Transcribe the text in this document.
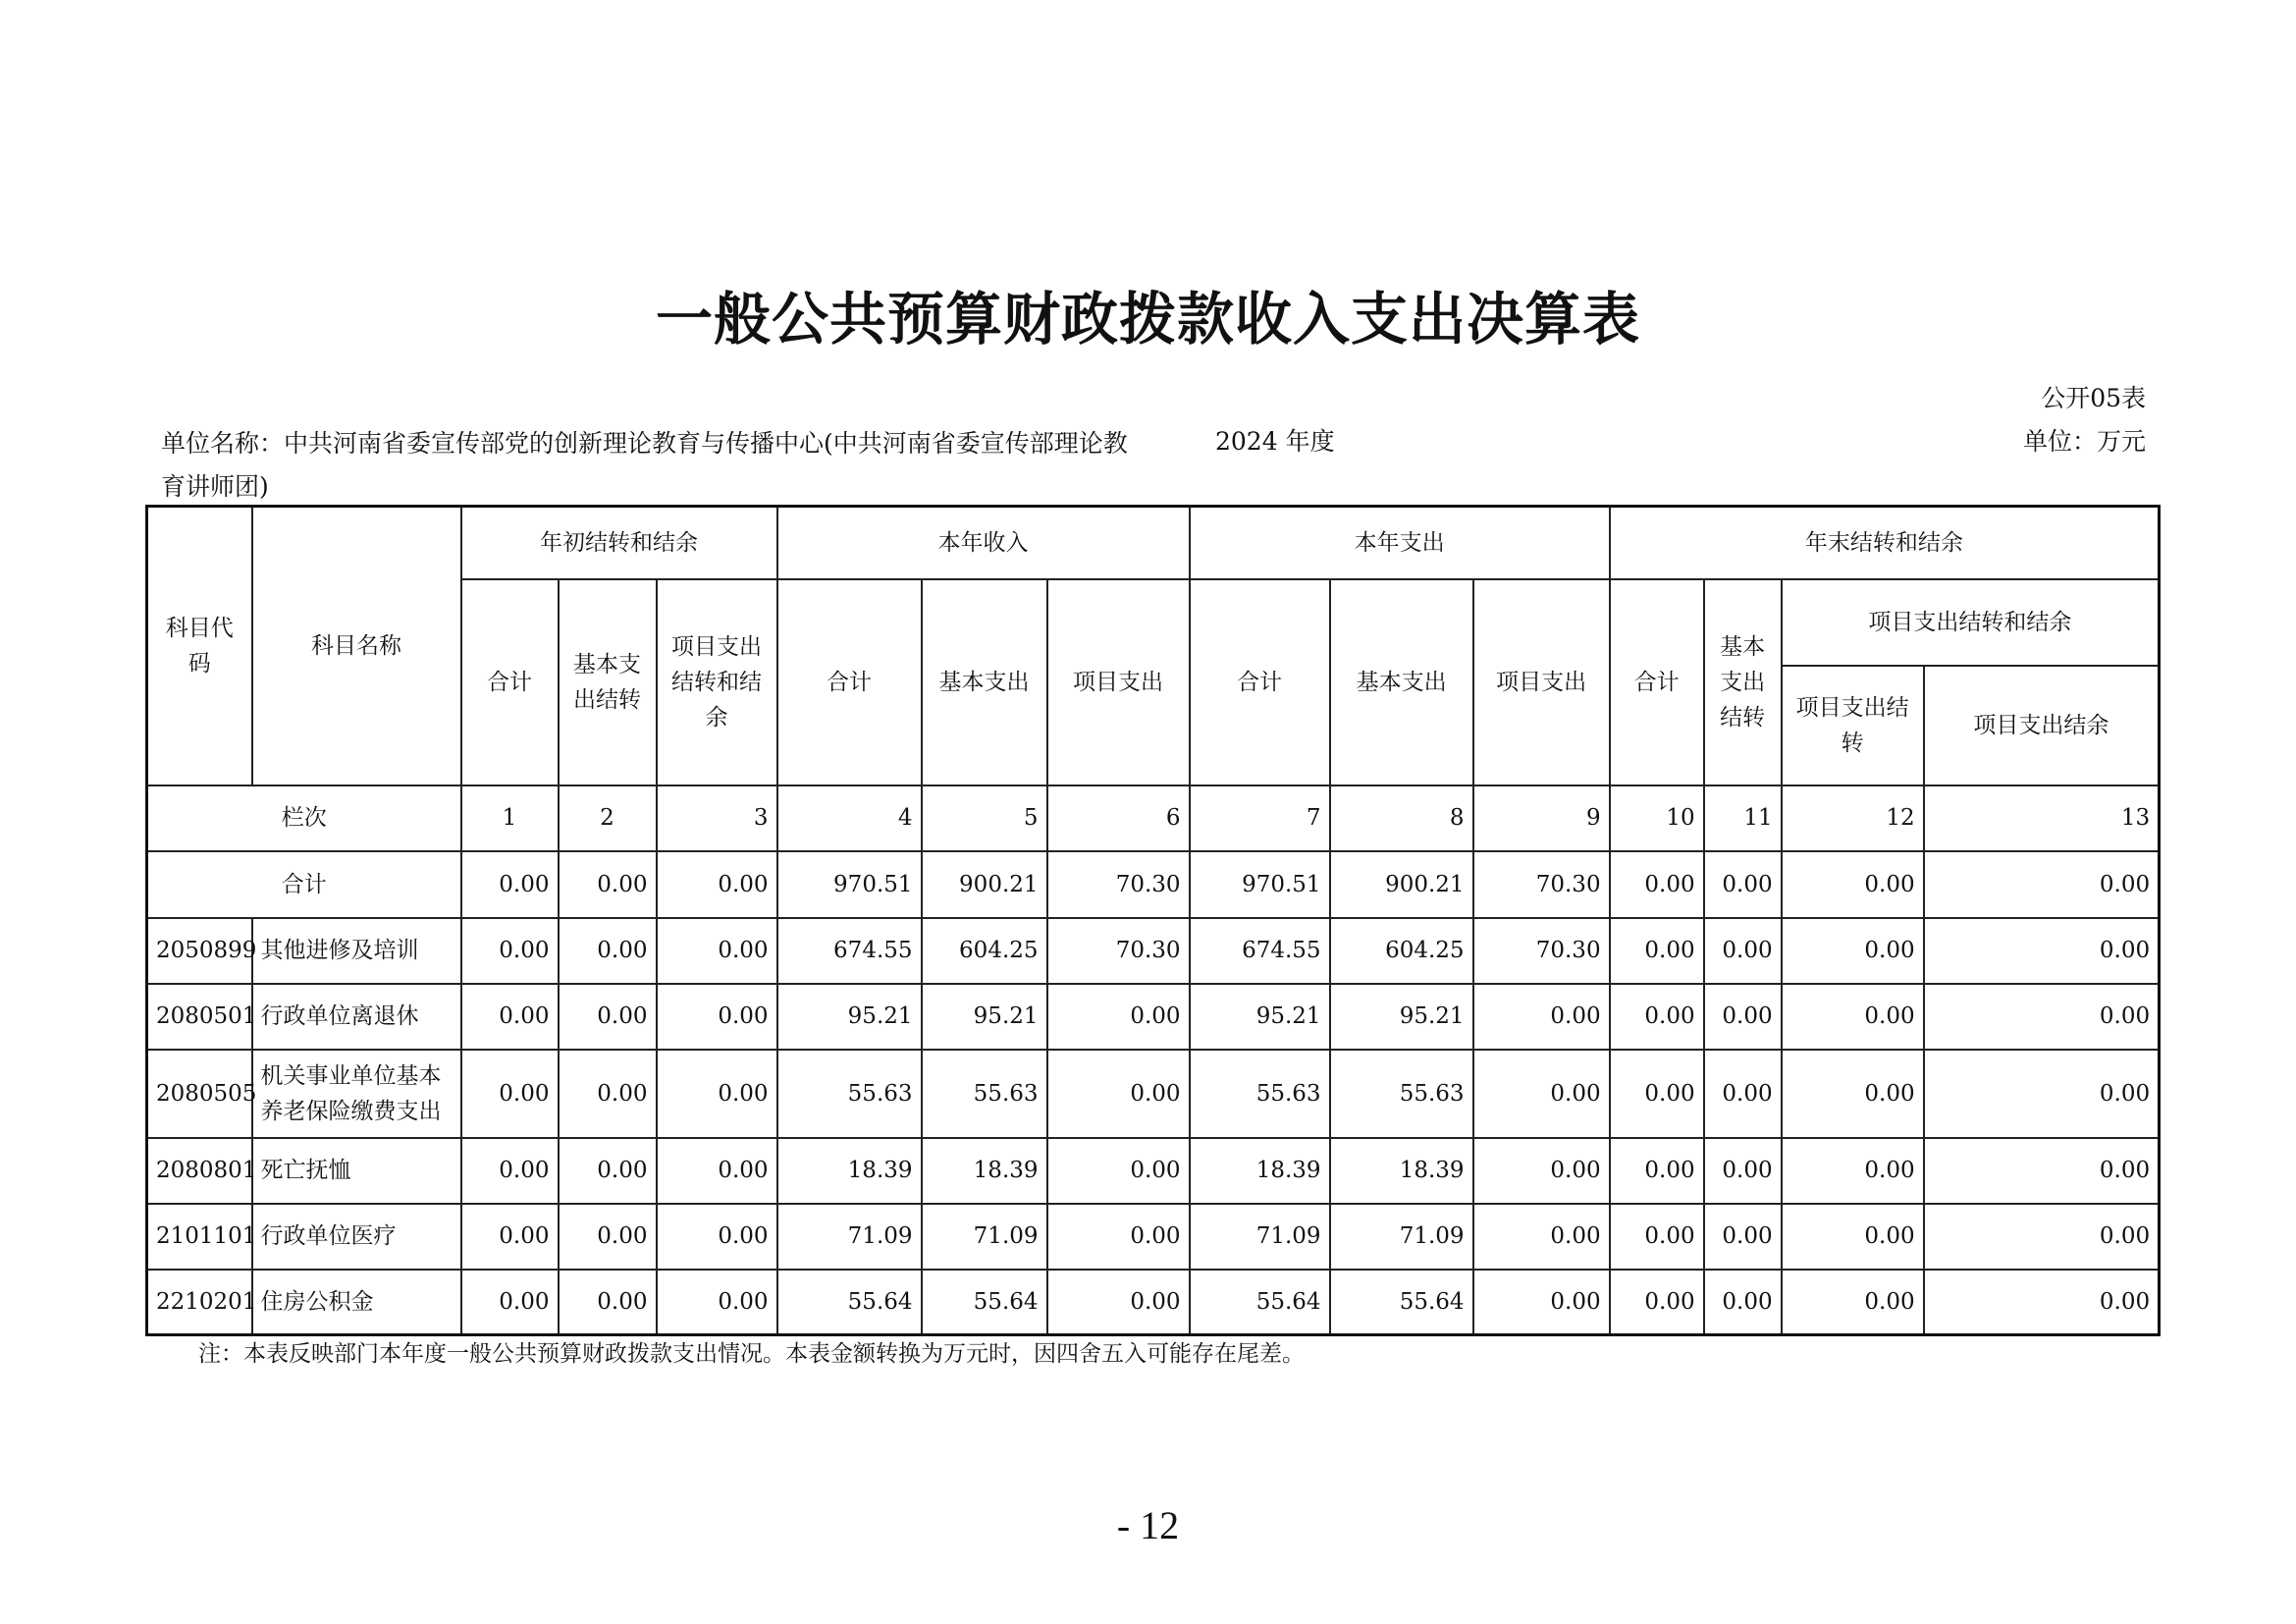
一般公共预算财政拨款收入支出决算表
公开05表
单位名称：中共河南省委宣传部党的创新理论教育与传播中心(中共河南省委宣传部理论教育讲师团)
2024 年度	单位：万元
科目代码	科目名称	年初结转和结余			本年收入			本年支出			年末结转和结余			
		合计	基本支出结转	项目支出结转和结余	合计	基本支出	项目支出	合计	基本支出	项目支出	合计	基本支出结转	项目支出结转和结余	
													项目支出结转	项目支出结余
栏次		1	2	3	4	5	6	7	8	9	10	11	12	13
合计		0.00	0.00	0.00	970.51	900.21	70.30	970.51	900.21	70.30	0.00	0.00	0.00	0.00
2050899	其他进修及培训	0.00	0.00	0.00	674.55	604.25	70.30	674.55	604.25	70.30	0.00	0.00	0.00	0.00
2080501	行政单位离退休	0.00	0.00	0.00	95.21	95.21	0.00	95.21	95.21	0.00	0.00	0.00	0.00	0.00
2080505	机关事业单位基本养老保险缴费支出	0.00	0.00	0.00	55.63	55.63	0.00	55.63	55.63	0.00	0.00	0.00	0.00	0.00
2080801	死亡抚恤	0.00	0.00	0.00	18.39	18.39	0.00	18.39	18.39	0.00	0.00	0.00	0.00	0.00
2101101	行政单位医疗	0.00	0.00	0.00	71.09	71.09	0.00	71.09	71.09	0.00	0.00	0.00	0.00	0.00
2210201	住房公积金	0.00	0.00	0.00	55.64	55.64	0.00	55.64	55.64	0.00	0.00	0.00	0.00	0.00
注：本表反映部门本年度一般公共预算财政拨款支出情况。本表金额转换为万元时，因四舍五入可能存在尾差。
- 12
